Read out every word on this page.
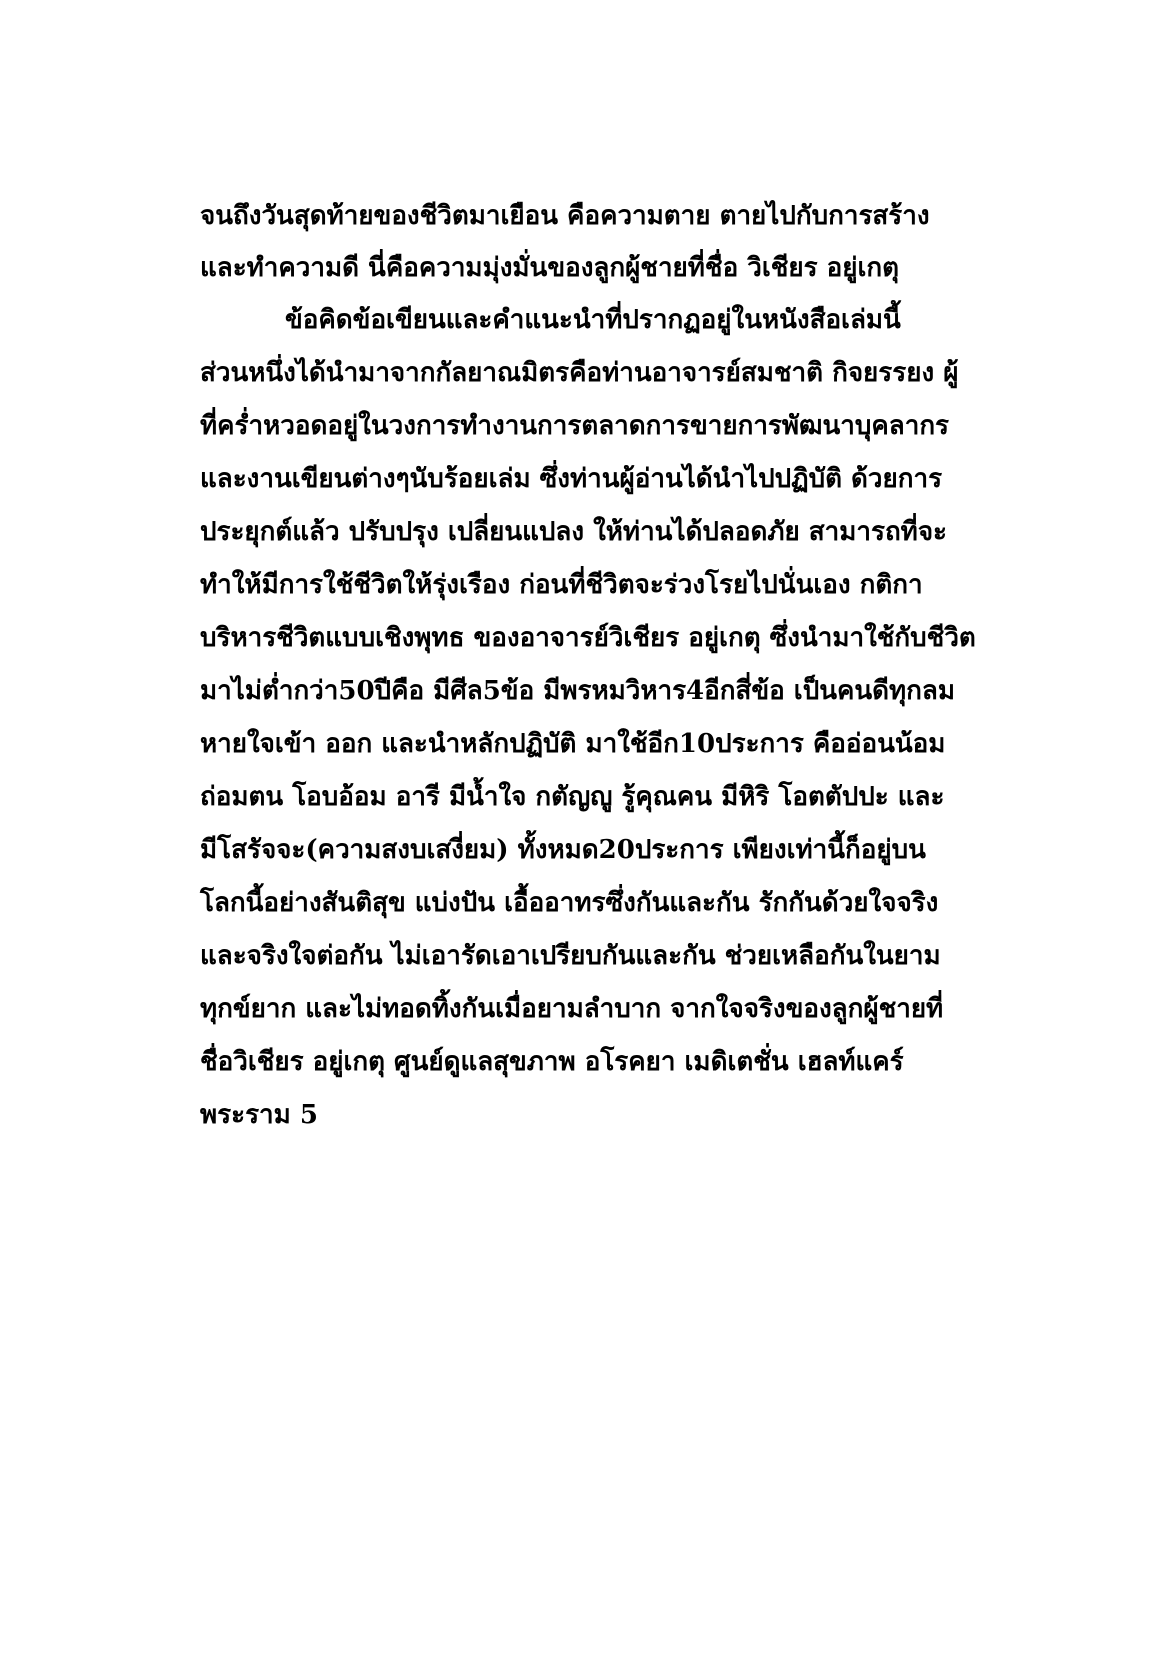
จนถึงวันสุดท้ายของชีวิตมาเยือน คือความตาย ตายไปกับการสร้าง
และทำความดี นี่คือความมุ่งมั่นของลูกผู้ชายที่ชื่อ วิเชียร อยู่เกตุ
ข้อคิดข้อเขียนและคำแนะนำที่ปรากฏอยู่ในหนังสือเล่มนี้
ส่วนหนึ่งได้นำมาจากกัลยาณมิตรคือท่านอาจารย์สมชาติ กิจยรรยง ผู้
ที่คร่ำหวอดอยู่ในวงการทำงานการตลาดการขายการพัฒนาบุคลากร
และงานเขียนต่างๆนับร้อยเล่ม ซึ่งท่านผู้อ่านได้นำไปปฏิบัติ ด้วยการ
ประยุกต์แล้ว ปรับปรุง เปลี่ยนแปลง ให้ท่านได้ปลอดภัย สามารถที่จะ
ทำให้มีการใช้ชีวิตให้รุ่งเรือง ก่อนที่ชีวิตจะร่วงโรยไปนั่นเอง กติกา
บริหารชีวิตแบบเชิงพุทธ ของอาจารย์วิเชียร อยู่เกตุ ซึ่งนำมาใช้กับชีวิต
มาไม่ต่ำกว่า50ปีคือ มีศีล5ข้อ มีพรหมวิหาร4อีกสี่ข้อ เป็นคนดีทุกลม
หายใจเข้า ออก และนำหลักปฏิบัติ มาใช้อีก10ประการ คืออ่อนน้อม
ถ่อมตน โอบอ้อม อารี มีน้ำใจ กตัญญู รู้คุณคน มีหิริ โอตตัปปะ และ
มีโสรัจจะ(ความสงบเสงี่ยม) ทั้งหมด20ประการ เพียงเท่านี้ก็อยู่บน
โลกนี้อย่างสันติสุข แบ่งปัน เอื้ออาทรซึ่งกันและกัน รักกันด้วยใจจริง
และจริงใจต่อกัน ไม่เอารัดเอาเปรียบกันและกัน ช่วยเหลือกันในยาม
ทุกข์ยาก และไม่ทอดทิ้งกันเมื่อยามลำบาก จากใจจริงของลูกผู้ชายที่
ชื่อวิเชียร อยู่เกตุ ศูนย์ดูแลสุขภาพ อโรคยา เมดิเตชั่น เฮลท์แคร์
พระราม 5
